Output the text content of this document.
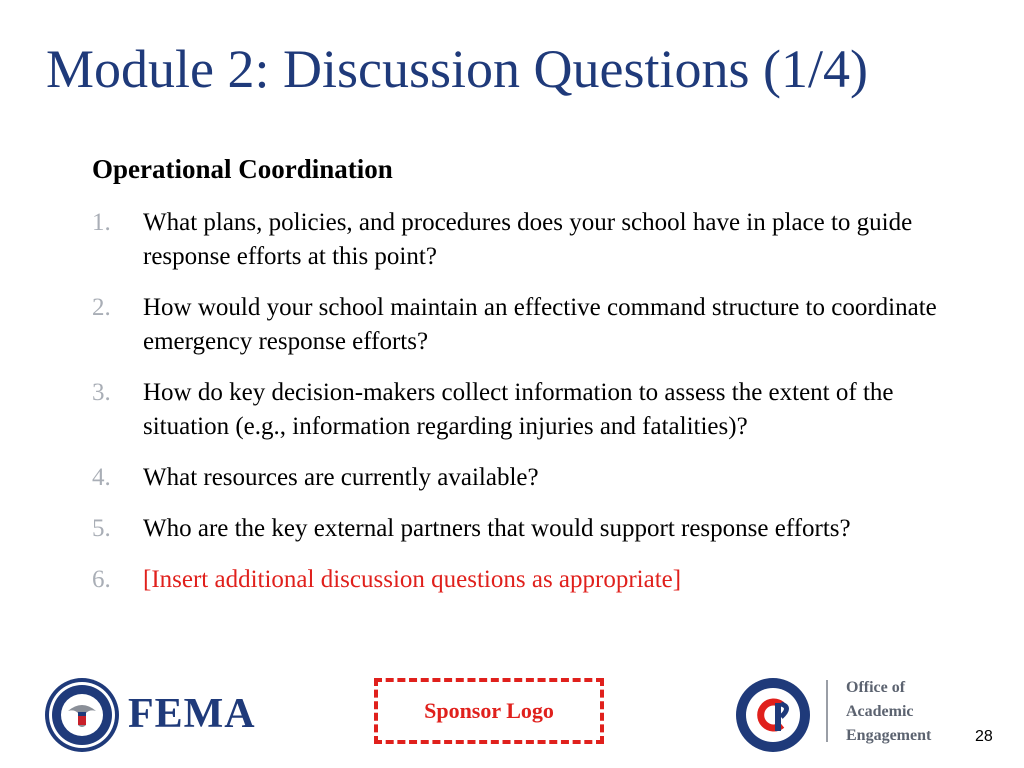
Module 2: Discussion Questions (1/4)
Operational Coordination
1. What plans, policies, and procedures does your school have in place to guide response efforts at this point?
2. How would your school maintain an effective command structure to coordinate emergency response efforts?
3. How do key decision-makers collect information to assess the extent of the situation (e.g., information regarding injuries and fatalities)?
4. What resources are currently available?
5. Who are the key external partners that would support response efforts?
6. [Insert additional discussion questions as appropriate]
FEMA	Sponsor Logo
Office of
Academic
Engagement	28
